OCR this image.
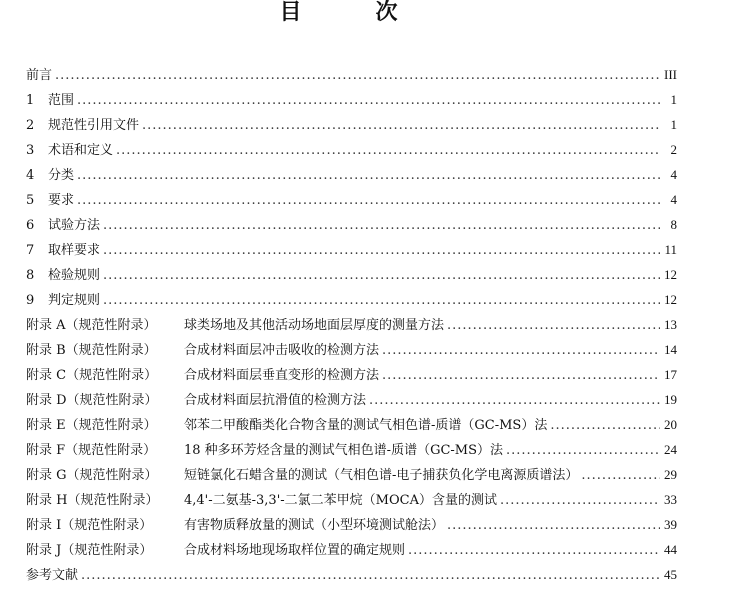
目　次
前言 .....	III
1	范围 .....	1
2	规范性引用文件 .....	1
3	术语和定义 .....	2
4	分类 .....	4
5	要求 .....	4
6	试验方法 .....	8
7	取样要求 .....	11
8	检验规则 .....	12
9	判定规则 .....	12
附录 A（规范性附录）	球类场地及其他活动场地面层厚度的测量方法 .....	13
附录 B（规范性附录）	合成材料面层冲击吸收的检测方法 .....	14
附录 C（规范性附录）	合成材料面层垂直变形的检测方法 .....	17
附录 D（规范性附录）	合成材料面层抗滑值的检测方法 .....	19
附录 E（规范性附录）	邻苯二甲酸酯类化合物含量的测试气相色谱-质谱（GC-MS）法 .....	20
附录 F（规范性附录）	18 种多环芳烃含量的测试气相色谱-质谱（GC-MS）法 .....	24
附录 G（规范性附录）	短链氯化石蜡含量的测试（气相色谱-电子捕获负化学电离源质谱法） .....	29
附录 H（规范性附录）	4,4'-二氨基-3,3'-二氯二苯甲烷（MOCA）含量的测试 .....	33
附录 I（规范性附录）	有害物质释放量的测试（小型环境测试舱法） .....	39
附录 J（规范性附录）	合成材料场地现场取样位置的确定规则 .....	44
参考文献 .....	45
